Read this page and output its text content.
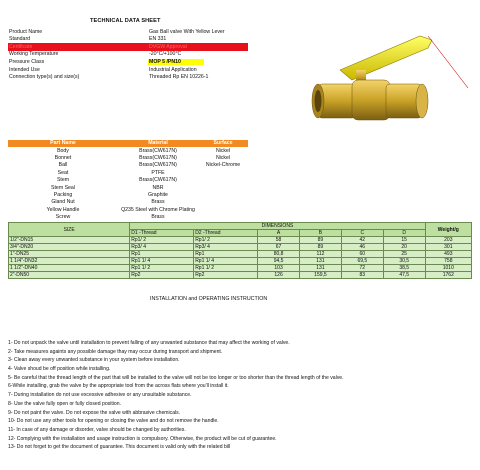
TECHNICAL DATA SHEET
Product Name	Gas Ball valve With Yellow Lever
Standard	EN 331
Certificate	DVGW Approval
Working Temperature	-20°C/+100°C
Pressure Class	MOP 5 /PN10
Intended Use	Industrial Application
Connection type(s) and size(s)	Threaded Rp EN 10226-1
Part Name	Material	Surface
Body	Brass(CW617N)	Nickel
Bonnet	Brass(CW617N)	Nickel
Ball	Brass(CW617N)	Nickel-Chrome
Seat	PTFE
Stem	Brass(CW617N)
Stem Seal	NBR
Packing	Graphite
Gland Nut	Brass
Yellow Handle	Q235 Steel with Chrome Plating
Screw	Brass
SIZE	DIMENSIONS						Weight/g
	D1 -Thread	D2 -Thread	A	B	C	D	
1/2"-DN15	Rp1/ 2	Rp1/ 2	58	89	42	15	203
3/4"-DN20	Rp3/ 4	Rp3/ 4	67	89	46	20	301
1"-DN25	Rp1	Rp1	80,8	112	60	25	493
1 1/4"-DN32	Rp1 1/ 4	Rp1 1/ 4	94,5	131	69,5	30,5	758
1 1/2"-DN40	Rp1 1/ 2	Rp1 1/ 2	103	131	72	38,5	1010
2"-DN50	Rp2	Rp2	126	159,5	83	47,5	1762
INSTALLATION and OPERATING INSTRUCTION
1- Do not unpack the valve until installation to prevent falling of any unwanted substance that may affect the working of valve.
2- Take measures againts any possible damage thay may occur during transport and shipment.
3- Clean away every unwanted substance in your system before installation.
4- Valve shoud be off position while installing.
5- Be careful that the thread length of the part that will be installed to the valve will not be too longer or too shorter than the thread length of the valve.
6-While installing, grab the valve by the appropriate tool from the across flats where you'll install it.
7- During installation do not use excessive adhesive or any unsuitable substance.
8- Use the valve fully open or fully closed position.
9- Do not paint the valve. Do not expose the valve with abbrasive chemicals.
10- Do not use any other tools for opening or closing the valve and do not remove the handle.
11- In case of any damage or disorder, valve should be changed by authorities.
12- Complying with the installation and usage instruction is compulsory. Otherwise, the product will be cut of guarantee.
13- Do not forget to get the document of guarantee. This document is valid only with the related bill
